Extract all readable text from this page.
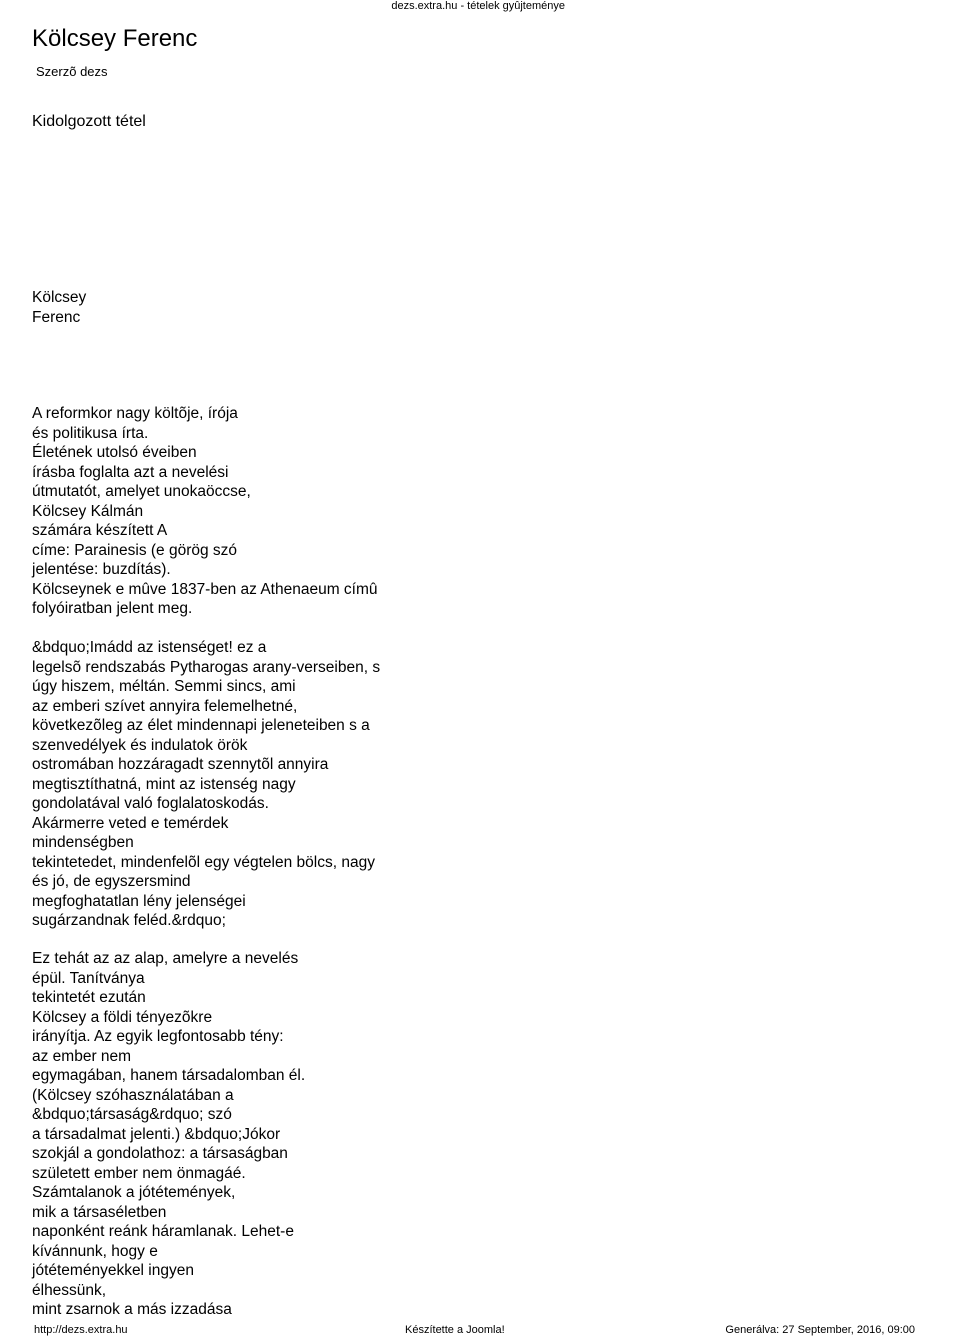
dezs.extra.hu - tételek gyûjteménye
Kölcsey Ferenc
Szerzõ dezs
Kidolgozott tétel
Kölcsey
Ferenc
A reformkor nagy költõje, írója
és politikusa írta.
Életének utolsó éveiben
írásba foglalta azt a nevelési
útmutatót, amelyet unokaöccse,
Kölcsey Kálmán
számára készített A
címe: Parainesis (e görög szó
jelentése: buzdítás).
Kölcseynek e mûve 1837-ben az Athenaeum címû
folyóiratban jelent meg.
&bdquo;Imádd az istenséget! ez a
legelsõ rendszabás Pytharogas arany-verseiben, s
úgy hiszem, méltán. Semmi sincs, ami
az emberi szívet annyira felemelhetné,
következõleg az élet mindennapi jeleneteiben s a
szenvedélyek és indulatok örök
ostromában hozzáragadt szennytõl annyira
megtisztíthatná, mint az istenség nagy
gondolatával való foglalatoskodás.
Akármerre veted e temérdek
mindenségben
tekintetedet, mindenfelõl egy végtelen bölcs, nagy
és jó, de egyszersmind
megfoghatatlan lény jelenségei
sugárzandnak feléd.&rdquo;
Ez tehát az az alap, amelyre a nevelés
épül. Tanítványa
tekintetét ezután
Kölcsey a földi tényezõkre
irányítja. Az egyik legfontosabb tény:
az ember nem
egymagában, hanem társadalomban él.
(Kölcsey szóhasználatában a
&bdquo;társaság&rdquo; szó
a társadalmat jelenti.) &bdquo;Jókor
szokjál a gondolathoz: a társaságban
született ember nem önmagáé.
Számtalanok a jótétemények,
mik a társaséletben
naponként reánk háramlanak. Lehet-e
kívánnunk, hogy e
jótéteményekkel ingyen
élhessünk,
mint zsarnok a más izzadása
http://dezs.extra.hu	Készítette a Joomla!	Generálva: 27 September, 2016, 09:00
